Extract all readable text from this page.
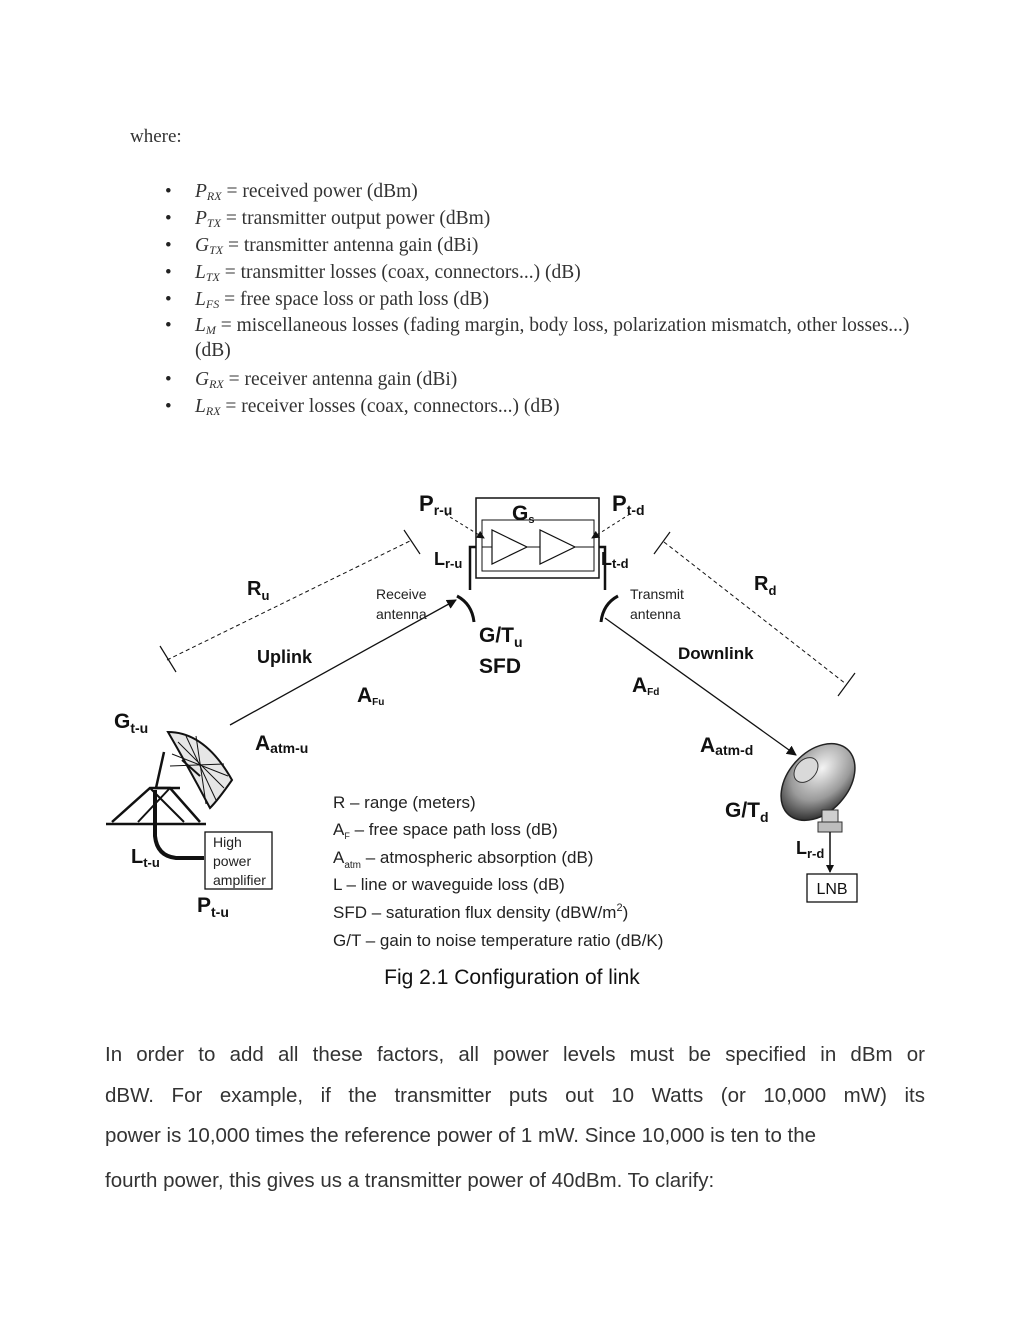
where:
• $P_{RX}$ = received power (dBm)
• $P_{TX}$ = transmitter output power (dBm)
• $G_{TX}$ = transmitter antenna gain (dBi)
• $L_{TX}$ = transmitter losses (coax, connectors...) (dB)
• $L_{FS}$ = free space loss or path loss (dB)
• $L_M$ = miscellaneous losses (fading margin, body loss, polarization mismatch, other losses...) (dB)
• $G_{RX}$ = receiver antenna gain (dBi)
• $L_{RX}$ = receiver losses (coax, connectors...) (dB)
High
power
amplifier
LNB
Pr-u	Pt-d
Gs
Lr-u	Lt-d
Receive
antenna
Transmit
antenna
$R_u$
$R_d$
$G/T_u$
SFD
Uplink	Downlink
AFu
AFd
Aatm-u	Aatm-d
$G_{t-u}$
$L_{t-u}$
$P_{t-u}$
$G/T_d$
$L_{r-d}$
R – range (meters)
$A_F$ – free space path loss (dB)
$A_{atm}$ – atmospheric absorption (dB)
L – line or waveguide loss (dB)
SFD – saturation flux density $(dBW/m^2)$
G/T – gain to noise temperature ratio (dB/K)
Fig 2.1 Configuration of link

In order to add all these factors, all power levels must be specified in dBm or

dBW. For example, if the transmitter puts out 10 Watts (or 10,000 mW) its

power is 10,000 times the reference power of 1 mW. Since 10,000 is ten to the

fourth power, this gives us a transmitter power of 40dBm. To clarify:
